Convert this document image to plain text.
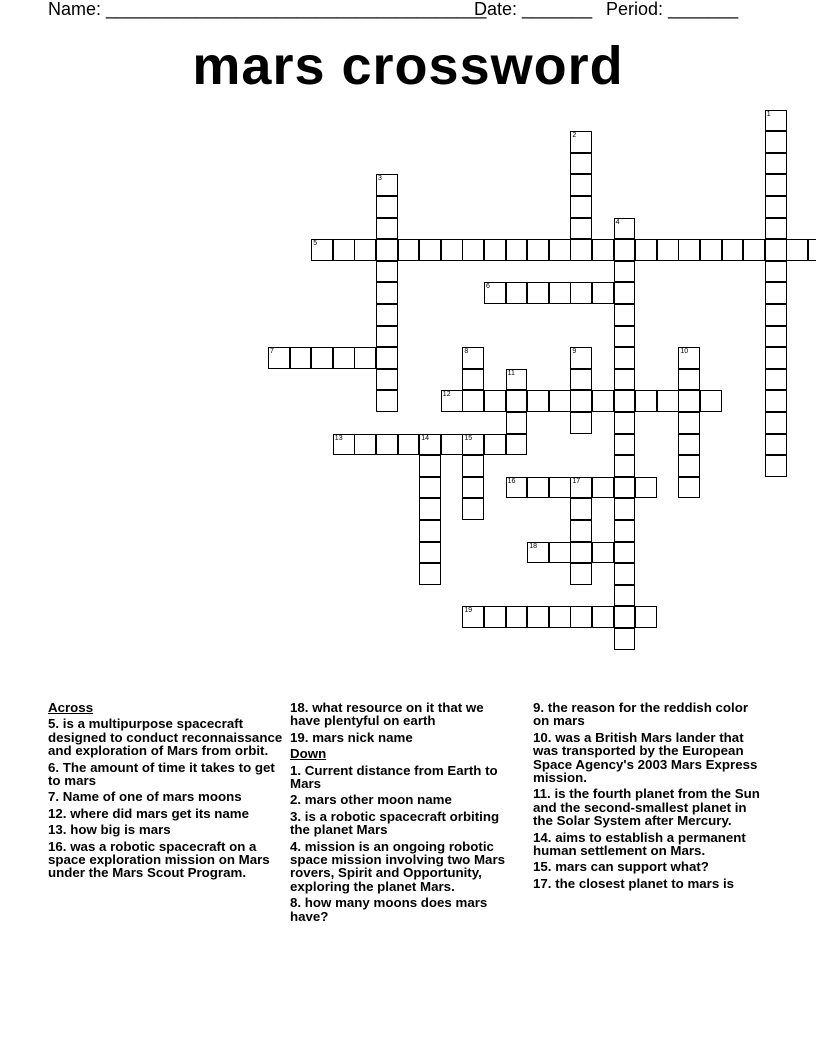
Name: ______________________________________
Date: _______ Period: _______
mars crossword
1
2
3
4
5
6
7	8	9	10
11
12
13	14	15
16	17
18
19
Across
5. is a multipurpose spacecraft designed to conduct reconnaissance and exploration of Mars from orbit.
6. The amount of time it takes to get to mars
7. Name of one of mars moons
12. where did mars get its name
13. how big is mars
16. was a robotic spacecraft on a space exploration mission on Mars under the Mars Scout Program.
18. what resource on it that we have plentyful on earth
19. mars nick name
Down
1. Current distance from Earth to Mars
2. mars other moon name
3. is a robotic spacecraft orbiting the planet Mars
4. mission is an ongoing robotic space mission involving two Mars rovers, Spirit and Opportunity, exploring the planet Mars.
8. how many moons does mars have?
9. the reason for the reddish color on mars
10. was a British Mars lander that was transported by the European Space Agency's 2003 Mars Express mission.
11. is the fourth planet from the Sun and the second-smallest planet in the Solar System after Mercury.
14. aims to establish a permanent human settlement on Mars.
15. mars can support what?
17. the closest planet to mars is
